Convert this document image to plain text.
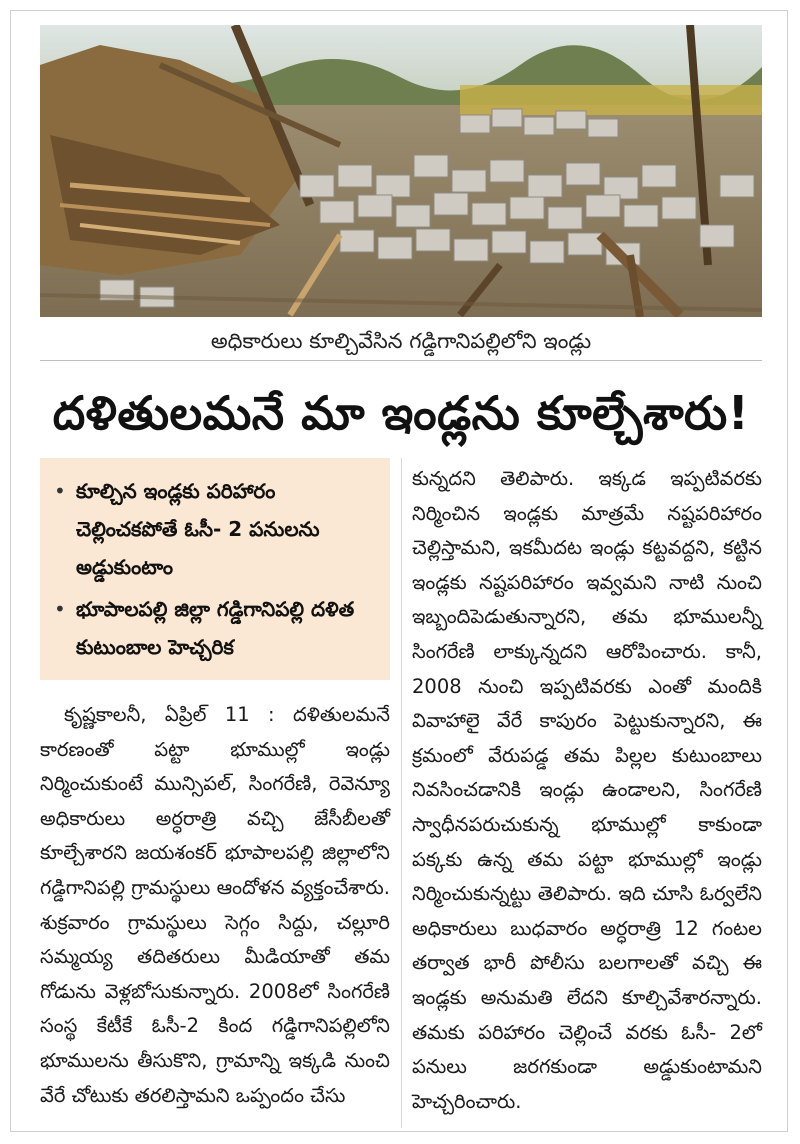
అధికారులు కూల్చివేసిన గడ్డిగానిపల్లిలోని ఇండ్లు
దళితులమనే మా ఇండ్లను కూల్చేశారు!
• కూల్చిన ఇండ్లకు పరిహారం చెల్లించకపోతే ఓసీ- 2 పనులను అడ్డుకుంటాం
• భూపాలపల్లి జిల్లా గడ్డిగానిపల్లి దళిత కుటుంబాల హెచ్చరిక
కృష్ణకాలనీ, ఏప్రిల్ 11 : దళితులమనే కారణంతో పట్టా భూముల్లో ఇండ్లు నిర్మించుకుంటే మున్సిపల్, సింగరేణి, రెవెన్యూ అధికారులు అర్ధరాత్రి వచ్చి జేసీబీలతో కూల్చేశారని జయశంకర్ భూపాలపల్లి జిల్లాలోని గడ్డిగానిపల్లి గ్రామస్థులు ఆందోళన వ్యక్తంచేశారు. శుక్రవారం గ్రామస్థులు సెగ్గం సిద్దు, చల్లూరి సమ్మయ్య తదితరులు మీడియాతో తమ గోడును వెళ్లబోసుకున్నారు. 2008లో సింగరేణి సంస్థ కేటీకే ఓసీ-2 కింద గడ్డిగానిపల్లిలోని భూములను తీసుకొని, గ్రామాన్ని ఇక్కడి నుంచి వేరే చోటుకు తరలిస్తామని ఒప్పందం చేసు
కున్నదని తెలిపారు. ఇక్కడ ఇప్పటివరకు నిర్మించిన ఇండ్లకు మాత్రమే నష్టపరిహారం చెల్లిస్తామని, ఇకమీదట ఇండ్లు కట్టవద్దని, కట్టిన ఇండ్లకు నష్టపరిహారం ఇవ్వమని నాటి నుంచి ఇబ్బందిపెడుతున్నారని, తమ భూములన్నీ సింగరేణి లాక్కున్నదని ఆరోపించారు. కానీ, 2008 నుంచి ఇప్పటివరకు ఎంతో మందికి వివాహాలై వేరే కాపురం పెట్టుకున్నారని, ఈ క్రమంలో వేరుపడ్డ తమ పిల్లల కుటుంబాలు నివసించడానికి ఇండ్లు ఉండాలని, సింగరేణి స్వాధీనపరుచుకున్న భూముల్లో కాకుండా పక్కకు ఉన్న తమ పట్టా భూముల్లో ఇండ్లు నిర్మించుకున్నట్టు తెలిపారు. ఇది చూసి ఓర్వలేని అధికారులు బుధవారం అర్ధరాత్రి 12 గంటల తర్వాత భారీ పోలీసు బలగాలతో వచ్చి ఈ ఇండ్లకు అనుమతి లేదని కూల్చివేశారన్నారు. తమకు పరిహారం చెల్లించే వరకు ఓసీ- 2లో పనులు జరగకుండా అడ్డుకుంటామని హెచ్చరించారు.
